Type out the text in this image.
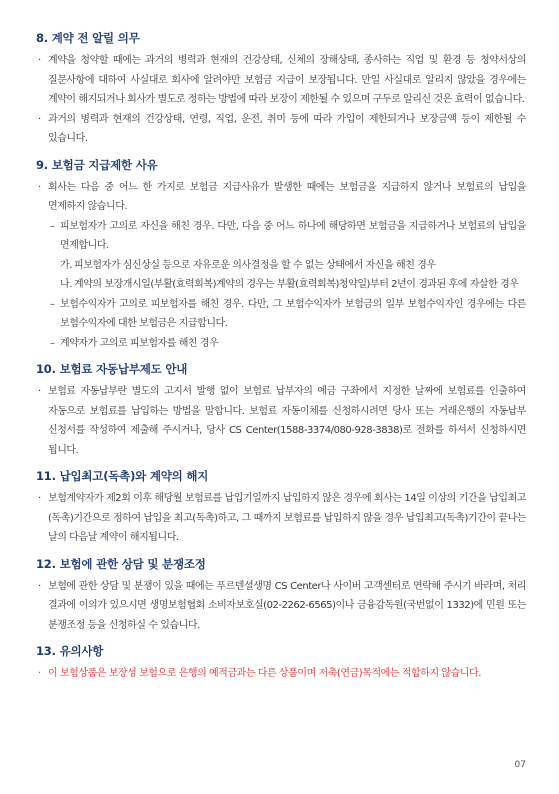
8. 계약 전 알릴 의무
· 계약을 청약할 때에는 과거의 병력과 현재의 건강상태, 신체의 장해상태, 종사하는 직업 및 환경 등 청약서상의 질문사항에 대하여 사실대로 회사에 알려야만 보험금 지급이 보장됩니다. 만일 사실대로 알리지 않았을 경우에는 계약이 해지되거나 회사가 별도로 정하는 방법에 따라 보장이 제한될 수 있으며 구두로 알리신 것은 효력이 없습니다.
· 과거의 병력과 현재의 건강상태, 연령, 직업, 운전, 취미 등에 따라 가입이 제한되거나 보장금액 등이 제한될 수 있습니다.
9. 보험금 지급제한 사유
· 회사는 다음 중 어느 한 가지로 보험금 지급사유가 발생한 때에는 보험금을 지급하지 않거나 보험료의 납입을 면제하지 않습니다.
– 피보험자가 고의로 자신을 해친 경우. 다만, 다음 중 어느 하나에 해당하면 보험금을 지급하거나 보험료의 납입을 면제합니다.
가. 피보험자가 심신상실 등으로 자유로운 의사결정을 할 수 없는 상태에서 자신을 해친 경우
나. 계약의 보장개시일(부활(효력회복)계약의 경우는 부활(효력회복)청약일)부터 2년이 경과된 후에 자살한 경우
– 보험수익자가 고의로 피보험자를 해친 경우. 다만, 그 보험수익자가 보험금의 일부 보험수익자인 경우에는 다른 보험수익자에 대한 보험금은 지급합니다.
– 계약자가 고의로 피보험자를 해친 경우
10. 보험료 자동납부제도 안내
· 보험료 자동납부란 별도의 고지서 발행 없이 보험료 납부자의 예금 구좌에서 지정한 날짜에 보험료를 인출하여 자동으로 보험료를 납입하는 방법을 말합니다. 보험료 자동이체를 신청하시려면 당사 또는 거래은행의 자동납부 신청서를 작성하여 제출해 주시거나, 당사 CS Center(1588-3374/080-928-3838)로 전화를 하셔서 신청하시면 됩니다.
11. 납입최고(독촉)와 계약의 해지
· 보험계약자가 제2회 이후 해당월 보험료를 납입기일까지 납입하지 않은 경우에 회사는 14일 이상의 기간을 납입최고(독촉)기간으로 정하여 납입을 최고(독촉)하고, 그 때까지 보험료를 납입하지 않을 경우 납입최고(독촉)기간이 끝나는 날의 다음날 계약이 해지됩니다.
12. 보험에 관한 상담 및 분쟁조정
· 보험에 관한 상담 및 분쟁이 있을 때에는 푸르덴셜생명 CS Center나 사이버 고객센터로 연락해 주시기 바라며, 처리 결과에 이의가 있으시면 생명보험협회 소비자보호실(02-2262-6565)이나 금융감독원(국번없이 1332)에 민원 또는 분쟁조정 등을 신청하실 수 있습니다.
13. 유의사항
· 이 보험상품은 보장성 보험으로 은행의 예적금과는 다른 상품이며 저축(연금)목적에는 적합하지 않습니다.
07
